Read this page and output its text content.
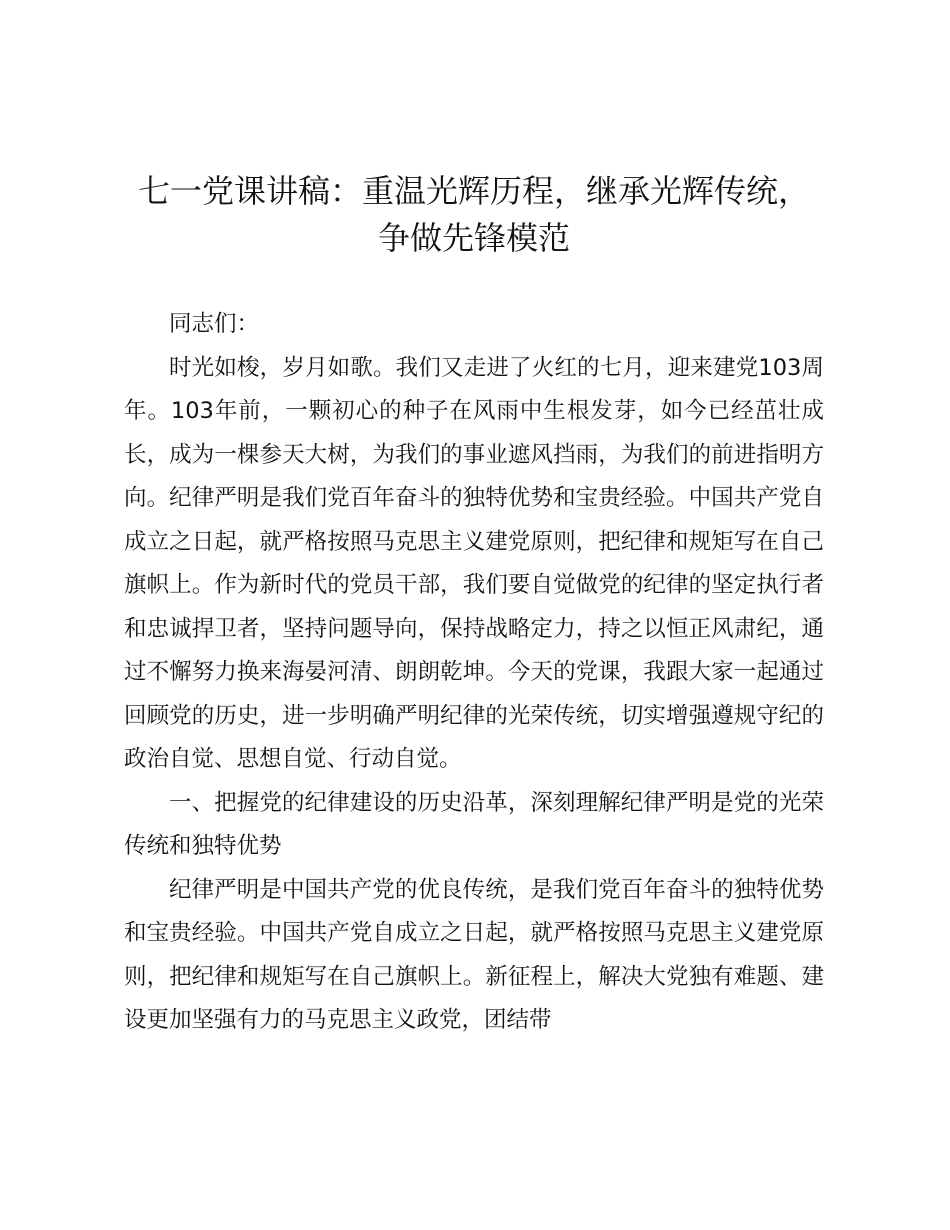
七一党课讲稿：重温光辉历程，继承光辉传统，争做先锋模范

同志们：

时光如梭，岁月如歌。我们又走进了火红的七月，迎来建党103周年。103年前，一颗初心的种子在风雨中生根发芽，如今已经茁壮成长，成为一棵参天大树，为我们的事业遮风挡雨，为我们的前进指明方向。纪律严明是我们党百年奋斗的独特优势和宝贵经验。中国共产党自成立之日起，就严格按照马克思主义建党原则，把纪律和规矩写在自己旗帜上。作为新时代的党员干部，我们要自觉做党的纪律的坚定执行者和忠诚捍卫者，坚持问题导向，保持战略定力，持之以恒正风肃纪，通过不懈努力换来海晏河清、朗朗乾坤。今天的党课，我跟大家一起通过回顾党的历史，进一步明确严明纪律的光荣传统，切实增强遵规守纪的政治自觉、思想自觉、行动自觉。

一、把握党的纪律建设的历史沿革，深刻理解纪律严明是党的光荣传统和独特优势

纪律严明是中国共产党的优良传统，是我们党百年奋斗的独特优势和宝贵经验。中国共产党自成立之日起，就严格按照马克思主义建党原则，把纪律和规矩写在自己旗帜上。新征程上，解决大党独有难题、建设更加坚强有力的马克思主义政党，团结带
